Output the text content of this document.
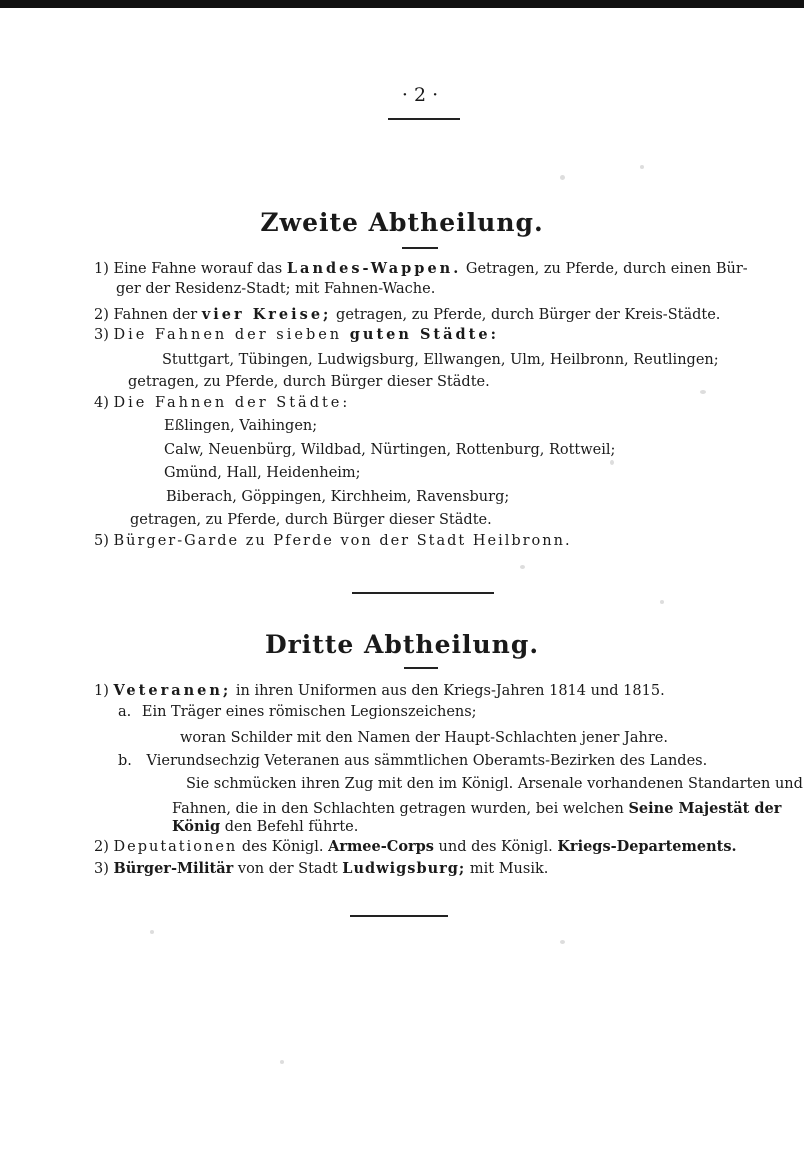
· 2 ·
Zweite Abtheilung.
1) Eine Fahne worauf das Landes-Wappen. Getragen, zu Pferde, durch einen Bür-
ger der Residenz-Stadt; mit Fahnen-Wache.
2) Fahnen der vier Kreise; getragen, zu Pferde, durch Bürger der Kreis-Städte.
3) Die Fahnen der sieben guten Städte:
Stuttgart, Tübingen, Ludwigsburg, Ellwangen, Ulm, Heilbronn, Reutlingen;
getragen, zu Pferde, durch Bürger dieser Städte.
4) Die Fahnen der Städte:
Eßlingen, Vaihingen;
Calw, Neuenbürg, Wildbad, Nürtingen, Rottenburg, Rottweil;
Gmünd, Hall, Heidenheim;
Biberach, Göppingen, Kirchheim, Ravensburg;
getragen, zu Pferde, durch Bürger dieser Städte.
5) Bürger-Garde zu Pferde von der Stadt Heilbronn.
Dritte Abtheilung.
1) Veteranen; in ihren Uniformen aus den Kriegs-Jahren 1814 und 1815.
a. Ein Träger eines römischen Legionszeichens;
woran Schilder mit den Namen der Haupt-Schlachten jener Jahre.
b. Vierundsechzig Veteranen aus sämmtlichen Oberamts-Bezirken des Landes.
Sie schmücken ihren Zug mit den im Königl. Arsenale vorhandenen Standarten und
Fahnen, die in den Schlachten getragen wurden, bei welchen Seine Majestät der
König den Befehl führte.
2) Deputationen des Königl. Armee-Corps und des Königl. Kriegs-Departements.
3) Bürger-Militär von der Stadt Ludwigsburg; mit Musik.
